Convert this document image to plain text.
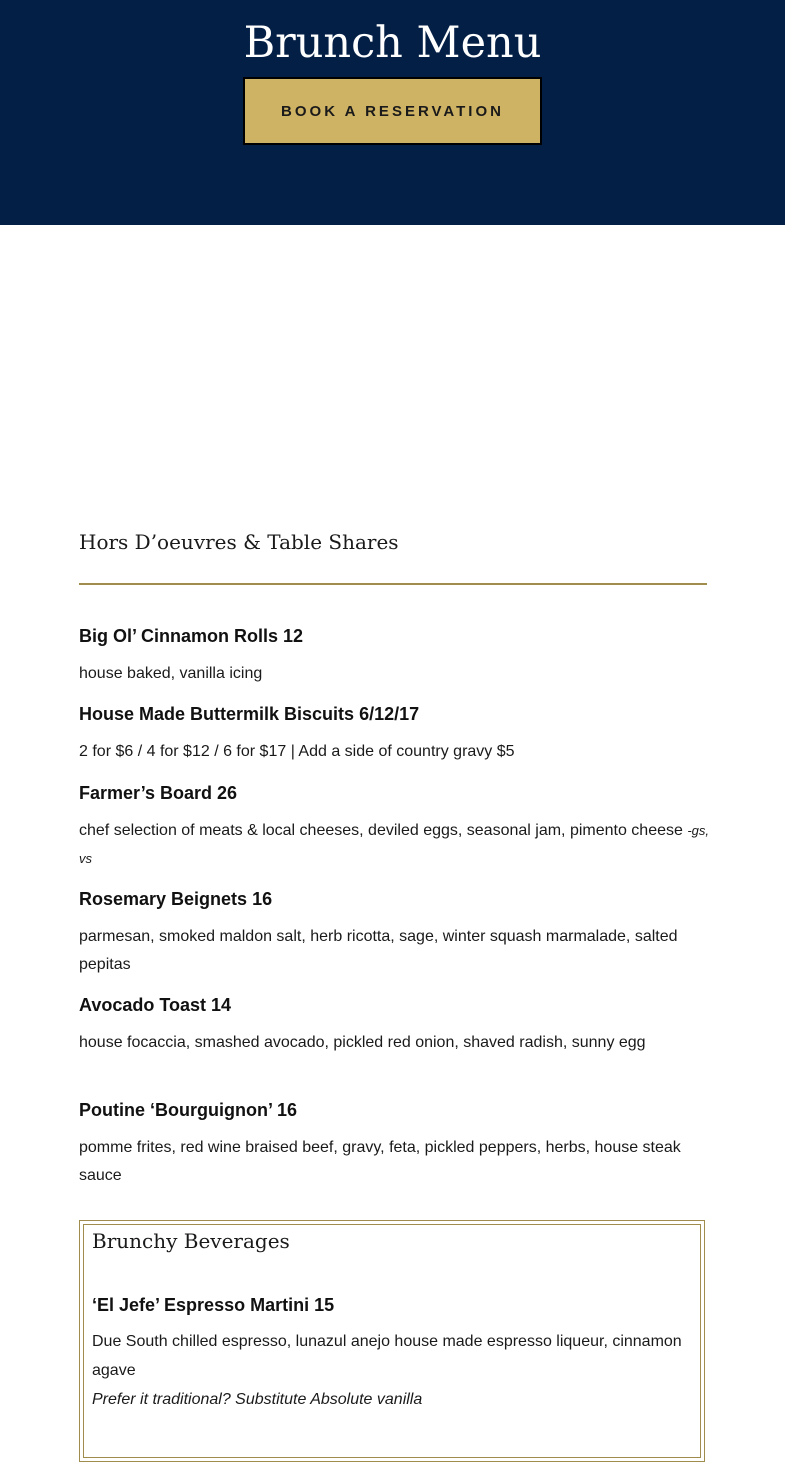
Brunch Menu
BOOK A RESERVATION
Hors D’oeuvres & Table Shares
Big Ol’ Cinnamon Rolls 12

house baked, vanilla icing

House Made Buttermilk Biscuits 6/12/17

2 for $6 / 4 for $12 / 6 for $17 | Add a side of country gravy $5

Farmer’s Board 26

chef selection of meats & local cheeses, deviled eggs, seasonal jam, pimento cheese -gs, vs

Rosemary Beignets 16

parmesan, smoked maldon salt, herb ricotta, sage, winter squash marmalade, salted pepitas

Avocado Toast 14

house focaccia, smashed avocado, pickled red onion, shaved radish, sunny egg

Poutine ‘Bourguignon’ 16

pomme frites, red wine braised beef, gravy, feta, pickled peppers, herbs, house steak sauce

Brunchy Beverages
‘El Jefe’ Espresso Martini 15

Due South chilled espresso, lunazul anejo house made espresso liqueur, cinnamon agave

Prefer it traditional? Substitute Absolute vanilla
